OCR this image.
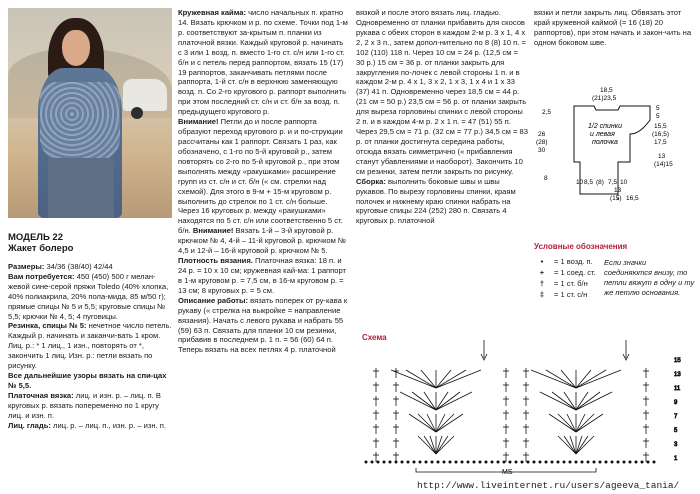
МОДЕЛЬ 22
Жакет болеро

Размеры: 34/36 (38/40) 42/44

Вам потребуется: 450 (450) 500 г мелан-жевой сине-серой пряжи Toledo (40% хлопка, 40% полиакрила, 20% пола-мида, 85 м/50 г); прямые спицы № 5 и 5,5; круговые спицы № 5,5; крючки № 4, 5; 4 пуговицы.

Резинка, спицы № 5: нечетное число петель. Каждый р. начинать и заканчи-вать 1 кром. Лиц. р.: * 1 лиц., 1 изн., повторять от *, закончить 1 лиц. Изн. р.: петли вязать по рисунку.

Все дальнейшие узоры вязать на спи-цах № 5,5.

Платочная вязка: лиц. и изн. р. – лиц. п. В круговых р. вязать попеременно по 1 кругу лиц. и изн. п.

Лиц. гладь: лиц. р. – лиц. п., изн. р. – изн. п.

Кружевная кайма: число начальных п. кратно 14. Вязать крючком и р. по схеме. Точки под 1-м р. соответствуют за-крытым п. планки из платочной вязки. Каждый круговой р. начинать с 3 или 1 возд. п. вместо 1-го ст. с/н или 1-го ст. б/н и с петель перед раппортом, вязать 15 (17) 19 раппортов, заканчивать петлями после раппорта, 1-й ст. с/н в верхнюю заменяющую возд. п. Со 2-го кругового р. раппорт выполнить при этом последний ст. с/н и ст. б/н за возд. п. предыдущего кругового р.

Внимание! Петли до и после раппорта образуют переход кругового р. и и по-струкции рассчитаны как 1 раппорт. Связать 1 раз, как обозначено, с 1-го по 5-й круговой р., затем повторять со 2-го по 5-й круговой р., при этом выполнять между «ракушками» расширение групп из ст. с/н и ст. б/н (« см. стрелки над схемой). Для этого в 9-м + 15-м круговом р. выполнить до стрелок по 1 ст. с/н больше. Через 16 круговых р. между «ракушками» находятся по 5 ст. с/н или соответственно 5 ст. б/н. Внимание! Вязать 1-й – 3-й круговой р. крючком № 4, 4-й – 11-й круговой р. крючком № 4,5 и 12-й – 16-й круговой р. крючком № 5.

Плотность вязания. Платочная вязка: 18 п. и 24 р. = 10 х 10 см; кружевная кай-ма: 1 раппорт в 1-м круговом р. = 7,5 см, в 16-м круговом р. = 13 см; 8 круговых р. = 5 см.

Описание работы: вязать поперек от ру-кава к рукаву (« стрелка на выкройке = направление вязания). Начать с левого рукава и набрать 55 (59) 63 п. Связать для планки 10 см резинки, прибавив в последнем р. 1 п. = 56 (60) 64 п. Теперь вязать на всех петлях 4 р. платочной

вязкой и после этого вязать лиц. гладью. Одновременно от планки прибавить для скосов рукава с обеих сторон в каждом 2-м р. 3 х 1, 4 х 2, 2 х 3 п., затем допол-нительно по 8 (8) 10 п. = 102 (110) 118 п. Через 10 см = 24 р. (12,5 см = 30 р.) 15 см = 36 р. от планки закрыть для закругления по-лочек с левой стороны 1 п. и в каждом 2-м р. 4 х 1, 3 х 2, 1 х 3, 1 х 4 и 1 х 33 (37) 41 п. Одновременно через 18,5 см = 44 р. (21 см = 50 р.) 23,5 см = 56 р. от планки закрыть для выреза горловины спинки с левой стороны 2 п. и в каждом 4-м р. 2 х 1 п. = 47 (51) 55 п. Через 29,5 см = 71 р. (32 см = 77 р.) 34,5 см = 83 р. от планки достигнута середина работы, отсюда вязать симметрично (« прибавления станут убавлениями и наоборот). Закончить 10 см резинки, затем петли закрыть по рисунку.

Сборка: выполнить боковые швы и швы рукавов. По вырезу горловины спинки, краям полочек и нижнему краю спинки набрать на круговые спицы 224 (252) 280 п. Связать 4 круговых р. платочной

вязки и петли закрыть лиц. Обвязать этот край кружевной каймой (= 16 (18) 20 раппортов), при этом начать и закон-чить на одном боковом шве.
18,5
(21)23,5
2,5
26
(28)
30
8
5
5
15,5
(16,5)
17,5
13
(14)15
1/2 спинки
и левая
полочка
10 8,5 (8) 7,5 10
13
(15) 16,5
Условные обозначения
•	= 1 возд. п.
+	= 1 соед. ст.
†	= 1 ст. б/н
‡	= 1 ст. с/н
Если значки соединяются внизу, то петли вяжут в одну и ту же петлю основания.
Схема
1
3
5
7
9
11
13
15
MS
http://www.liveinternet.ru/users/ageeva_tania/
